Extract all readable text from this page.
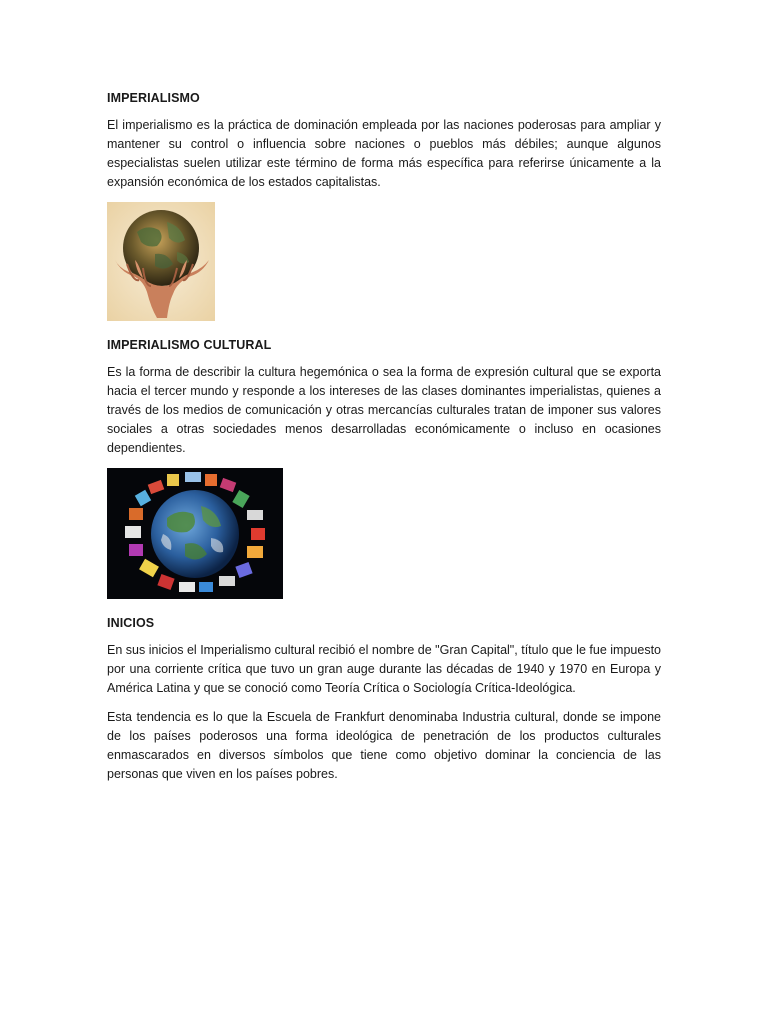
IMPERIALISMO

El imperialismo es la práctica de dominación empleada por las naciones poderosas para ampliar y mantener su control o influencia sobre naciones o pueblos más débiles; aunque algunos especialistas suelen utilizar este término de forma más específica para referirse únicamente a la expansión económica de los estados capitalistas.

IMPERIALISMO CULTURAL

Es la forma de describir la cultura hegemónica o sea la forma de expresión cultural que se exporta hacia el tercer mundo y responde a los intereses de las clases dominantes imperialistas, quienes a través de los medios de comunicación y otras mercancías culturales tratan de imponer sus valores sociales a otras sociedades menos desarrolladas económicamente o incluso en ocasiones dependientes.

INICIOS

En sus inicios el Imperialismo cultural recibió el nombre de "Gran Capital", título que le fue impuesto por una corriente crítica que tuvo un gran auge durante las décadas de 1940 y 1970 en Europa y América Latina y que se conoció como Teoría Crítica o Sociología Crítica-Ideológica.

Esta tendencia es lo que la Escuela de Frankfurt denominaba Industria cultural, donde se impone de los países poderosos una forma ideológica de penetración de los productos culturales enmascarados en diversos símbolos que tiene como objetivo dominar la conciencia de las personas que viven en los países pobres.
